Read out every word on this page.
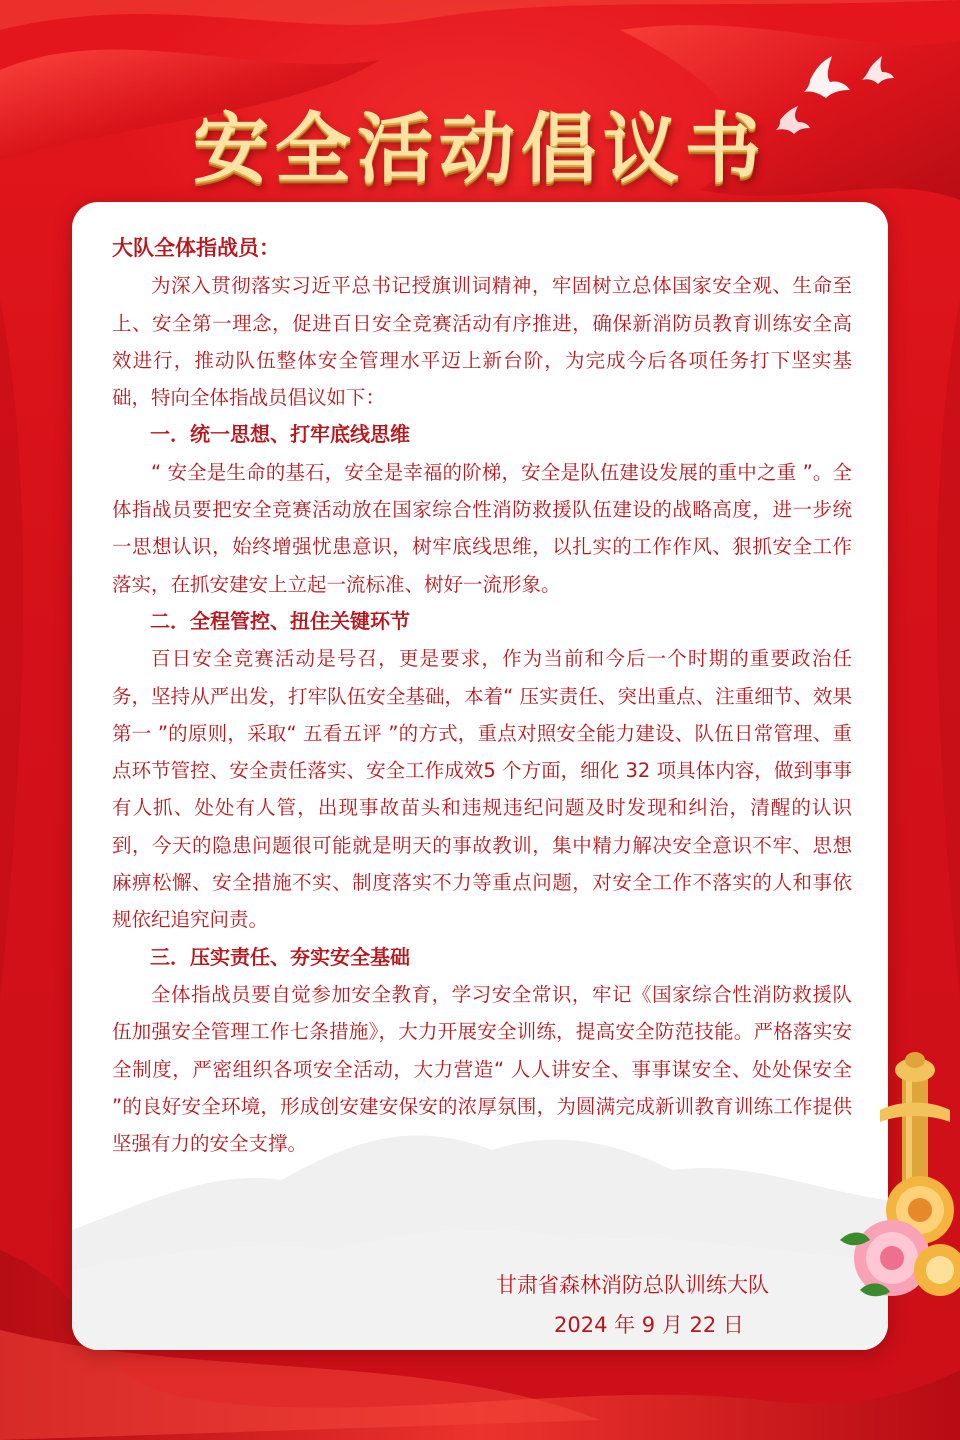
安全活动倡议书

大队全体指战员：

为深入贯彻落实习近平总书记授旗训词精神，牢固树立总体国家安全观、生命至上、安全第一理念，促进百日安全竞赛活动有序推进，确保新消防员教育训练安全高效进行，推动队伍整体安全管理水平迈上新台阶，为完成今后各项任务打下坚实基础，特向全体指战员倡议如下：

一．统一思想、打牢底线思维

“ 安全是生命的基石，安全是幸福的阶梯，安全是队伍建设发展的重中之重 ”。全体指战员要把安全竞赛活动放在国家综合性消防救援队伍建设的战略高度，进一步统一思想认识，始终增强忧患意识，树牢底线思维，以扎实的工作作风、狠抓安全工作落实，在抓安建安上立起一流标准、树好一流形象。

二．全程管控、扭住关键环节

百日安全竞赛活动是号召，更是要求，作为当前和今后一个时期的重要政治任务，坚持从严出发，打牢队伍安全基础，本着“ 压实责任、突出重点、注重细节、效果第一 ”的原则，采取“ 五看五评 ”的方式，重点对照安全能力建设、队伍日常管理、重点环节管控、安全责任落实、安全工作成效5 个方面，细化 32 项具体内容，做到事事有人抓、处处有人管，出现事故苗头和违规违纪问题及时发现和纠治，清醒的认识到，今天的隐患问题很可能就是明天的事故教训，集中精力解决安全意识不牢、思想麻痹松懈、安全措施不实、制度落实不力等重点问题，对安全工作不落实的人和事依规依纪追究问责。

三．压实责任、夯实安全基础

全体指战员要自觉参加安全教育，学习安全常识，牢记《国家综合性消防救援队伍加强安全管理工作七条措施》，大力开展安全训练，提高安全防范技能。严格落实安全制度，严密组织各项安全活动，大力营造“ 人人讲安全、事事谋安全、处处保安全 ”的良好安全环境，形成创安建安保安的浓厚氛围，为圆满完成新训教育训练工作提供坚强有力的安全支撑。

甘肃省森林消防总队训练大队
2024 年 9 月 22 日
